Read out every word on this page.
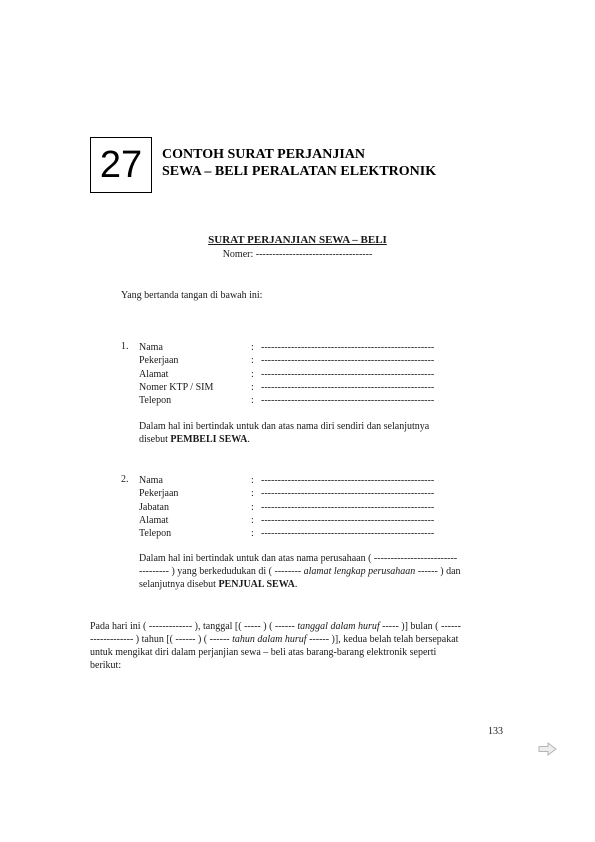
27 CONTOH SURAT PERJANJIAN
SEWA – BELI PERALATAN ELEKTRONIK
SURAT PERJANJIAN SEWA – BELI
Nomer: -----------------------------------
Yang bertanda tangan di bawah ini:
1. Nama	: ----------------------------------------------------
Pekerjaan	: ----------------------------------------------------
Alamat	: ----------------------------------------------------
Nomer KTP / SIM	: ----------------------------------------------------
Telepon	: ----------------------------------------------------
Dalam hal ini bertindak untuk dan atas nama diri sendiri dan selanjutnya
disebut PEMBELI SEWA.
2. Nama	: ----------------------------------------------------
Pekerjaan	: ----------------------------------------------------
Jabatan	: ----------------------------------------------------
Alamat	: ----------------------------------------------------
Telepon	: ----------------------------------------------------
Dalam hal ini bertindak untuk dan atas nama perusahaan ( -------------------------
--------- ) yang berkedudukan di ( -------- alamat lengkap perusahaan ------ ) dan
selanjutnya disebut PENJUAL SEWA.
Pada hari ini ( ------------- ), tanggal [( ----- ) ( ------ tanggal dalam huruf ----- )] bulan ( ------
------------- ) tahun [( ------ ) ( ------ tahun dalam huruf ------ )], kedua belah telah bersepakat
untuk mengikat diri dalam perjanjian sewa – beli atas barang-barang elektronik seperti
berikut:
133
